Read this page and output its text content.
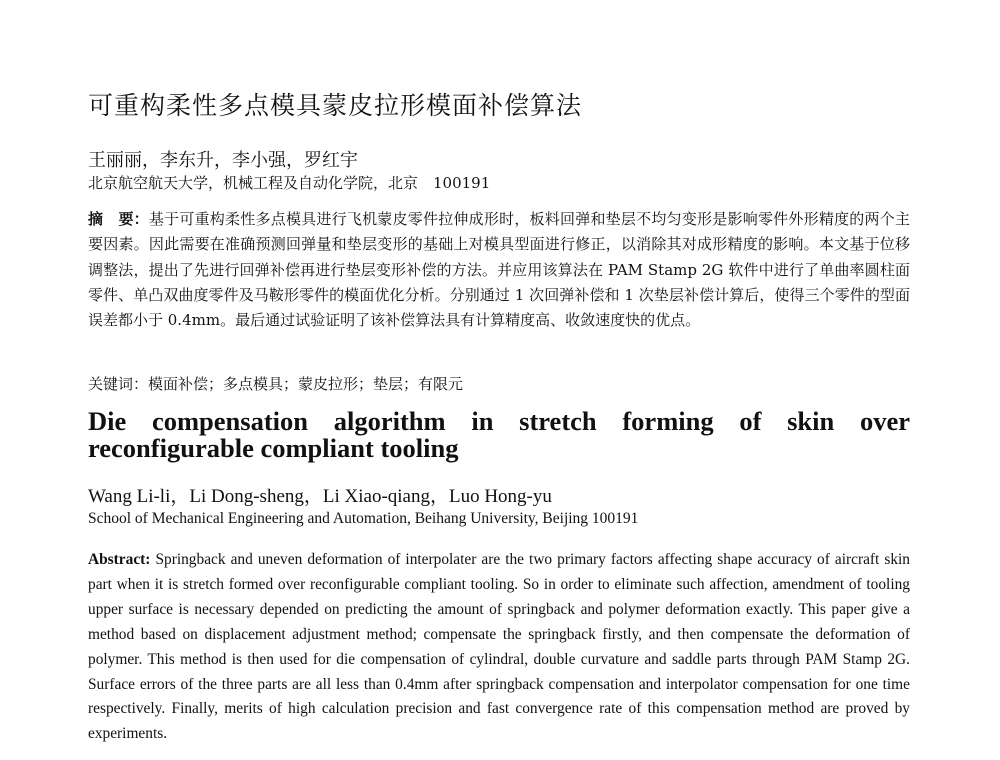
可重构柔性多点模具蒙皮拉形模面补偿算法
王丽丽，李东升，李小强，罗红宇
北京航空航天大学，机械工程及自动化学院，北京　100191
摘　要：基于可重构柔性多点模具进行飞机蒙皮零件拉伸成形时，板料回弹和垫层不均匀变形是影响零件外形精度的两个主要因素。因此需要在准确预测回弹量和垫层变形的基础上对模具型面进行修正，以消除其对成形精度的影响。本文基于位移调整法，提出了先进行回弹补偿再进行垫层变形补偿的方法。并应用该算法在 PAM Stamp 2G 软件中进行了单曲率圆柱面零件、单凸双曲度零件及马鞍形零件的模面优化分析。分别通过 1 次回弹补偿和 1 次垫层补偿计算后，使得三个零件的型面误差都小于 0.4mm。最后通过试验证明了该补偿算法具有计算精度高、收敛速度快的优点。
关键词：模面补偿；多点模具；蒙皮拉形；垫层；有限元
Die compensation algorithm in stretch forming of skin over
reconfigurable compliant tooling
Wang Li-li，Li Dong-sheng，Li Xiao-qiang，Luo Hong-yu
School of Mechanical Engineering and Automation, Beihang University, Beijing 100191
Abstract: Springback and uneven deformation of interpolater are the two primary factors affecting shape accuracy of aircraft skin part when it is stretch formed over reconfigurable compliant tooling. So in order to eliminate such affection, amendment of tooling upper surface is necessary depended on predicting the amount of springback and polymer deformation exactly. This paper give a method based on displacement adjustment method; compensate the springback firstly, and then compensate the deformation of polymer. This method is then used for die compensation of cylindral, double curvature and saddle parts through PAM Stamp 2G. Surface errors of the three parts are all less than 0.4mm after springback compensation and interpolator compensation for one time respectively. Finally, merits of high calculation precision and fast convergence rate of this compensation method are proved by experiments.
